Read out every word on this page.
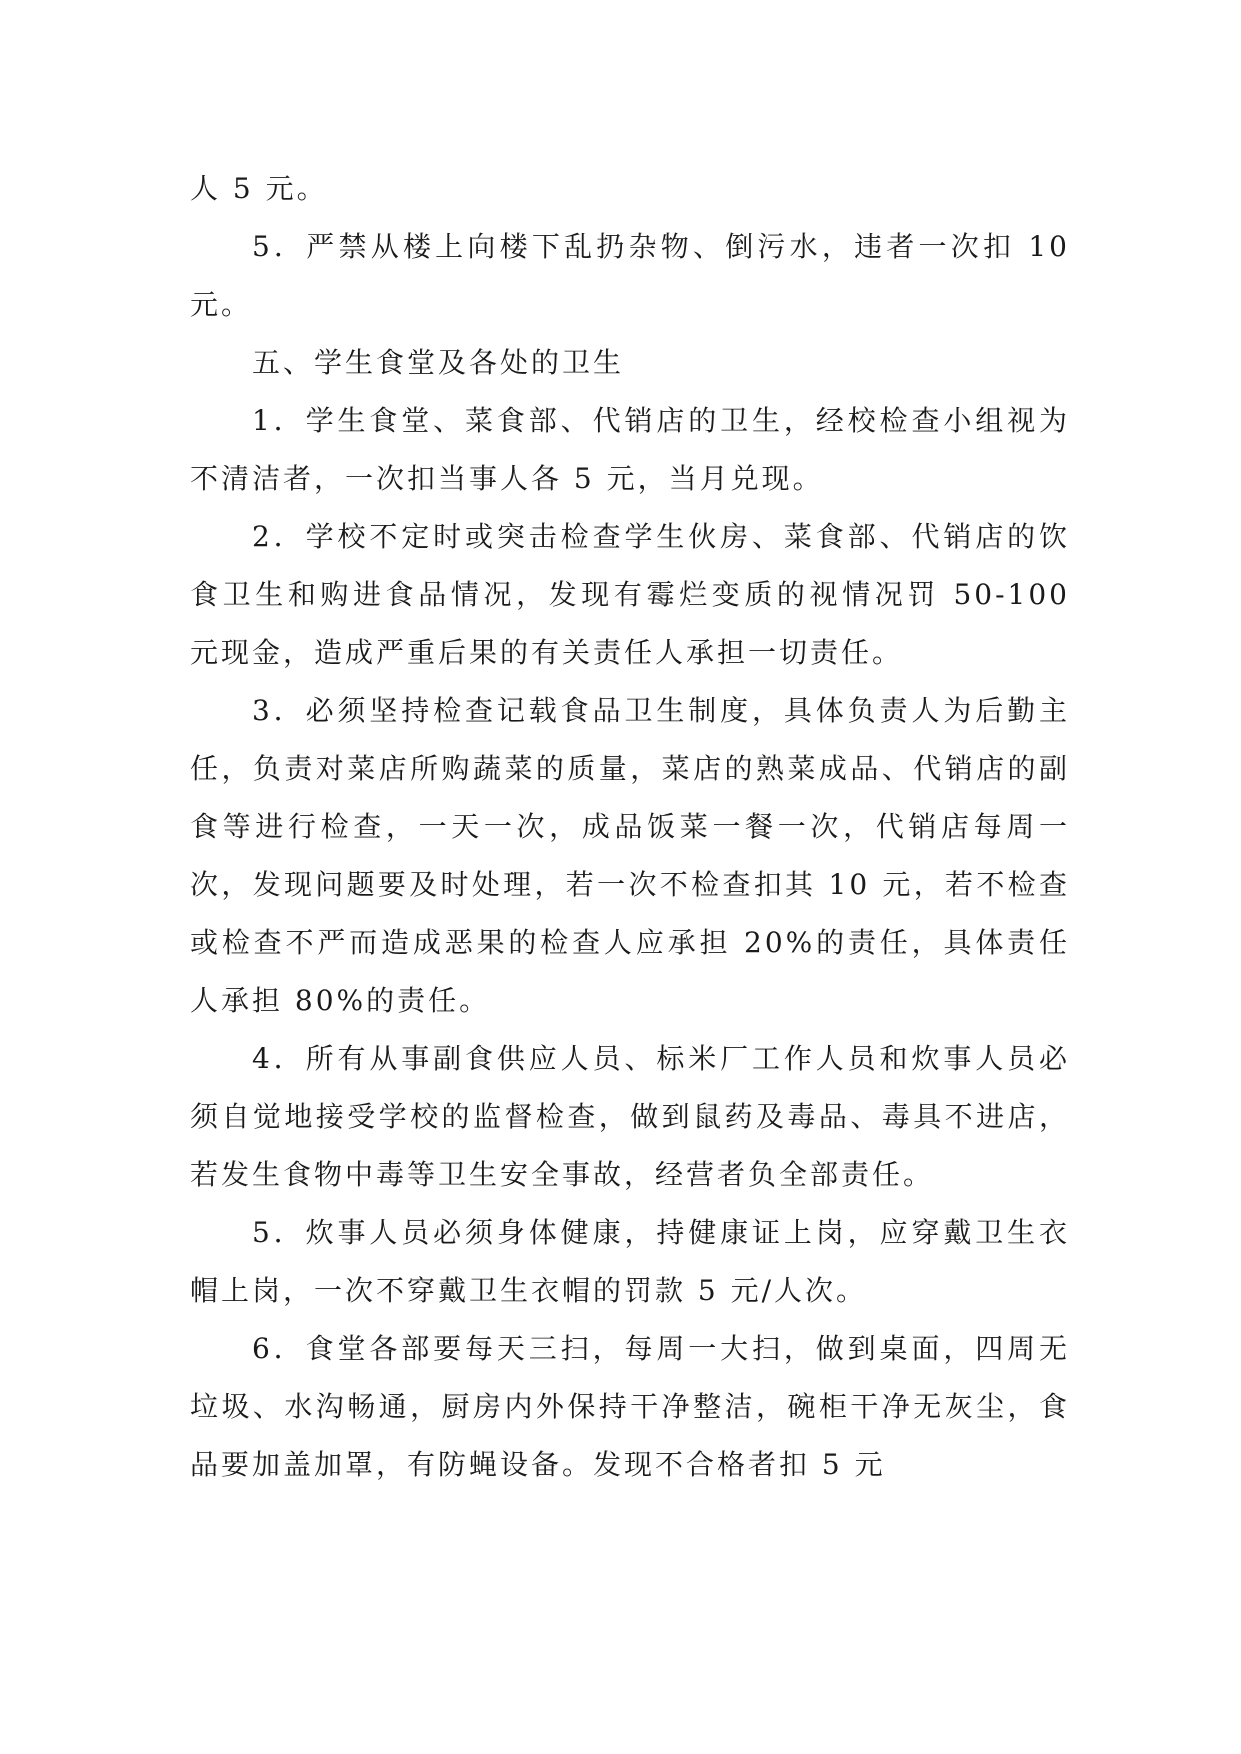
人 5 元。

5．严禁从楼上向楼下乱扔杂物、倒污水，违者一次扣 10 元。

五、学生食堂及各处的卫生

1．学生食堂、菜食部、代销店的卫生，经校检查小组视为不清洁者，一次扣当事人各 5 元，当月兑现。

2．学校不定时或突击检查学生伙房、菜食部、代销店的饮食卫生和购进食品情况，发现有霉烂变质的视情况罚 50-100 元现金，造成严重后果的有关责任人承担一切责任。

3．必须坚持检查记载食品卫生制度，具体负责人为后勤主任，负责对菜店所购蔬菜的质量，菜店的熟菜成品、代销店的副食等进行检查，一天一次，成品饭菜一餐一次，代销店每周一次，发现问题要及时处理，若一次不检查扣其 10 元，若不检查或检查不严而造成恶果的检查人应承担 20%的责任，具体责任人承担 80%的责任。

4．所有从事副食供应人员、标米厂工作人员和炊事人员必须自觉地接受学校的监督检查，做到鼠药及毒品、毒具不进店，若发生食物中毒等卫生安全事故，经营者负全部责任。

5．炊事人员必须身体健康，持健康证上岗，应穿戴卫生衣帽上岗，一次不穿戴卫生衣帽的罚款 5 元/人次。

6．食堂各部要每天三扫，每周一大扫，做到桌面，四周无垃圾、水沟畅通，厨房内外保持干净整洁，碗柜干净无灰尘，食品要加盖加罩，有防蝇设备。发现不合格者扣 5 元
